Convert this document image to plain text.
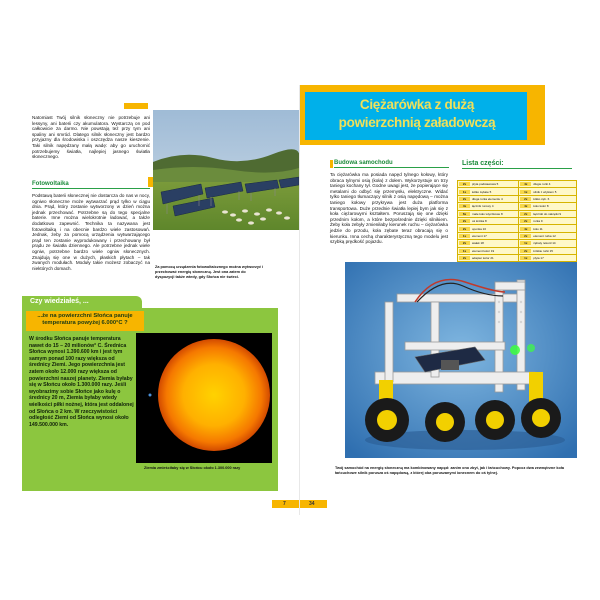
Natomiast Twój silnik słoneczny nie potrzebuje ani lessyny, ani baterii czy akumulatora. Wystarczą on pod całkowicie za darmo. Nie powstają też przy tym ani spaliny ani smród. Dlatego silnik słoneczny jest bardzo przyjazny dla środowiska i oszczędza nasze kieszenie. Taki silnik napędzany małą wadę: aby go uruchomić potrzebujemy światła, najlepiej jasnego światła słonecznego.
Fotowoltaika
Podstawą baterii słonecznej nie dostarcza do nas w nocy, ogniwo słoneczne może wytwarzać prąd tylko w ciągu dnia. Prąd, który zostanie wytworzony w dzień można jednak przechować. Potrzebne są do tego specjalne baterie. Inne można wielokrotnie ładować, a także dodatkowo zapewnić. Technika ta nazywana jest fotowoltaiką i na obecnie bardzo wiele zastosowań. Jednak, żeby za pomocą urządzenia wytwarzającego prąd ten zostanie wyprodukowany i przechowany był prądu ze światła dziennego. Ale potrzebne jednak wiele ogniw, potrzebne bardzo wiele ogniw słonecznych. Znajdują się one w dużych, płaskich płytach – tak zwanych modułach. Moduły takie możesz zobaczyć na niektórych domach.	Za pomocą urządzenia fotowoltaicznego można wytworzyć i przechować energię słoneczną. Jest ona zatem do dyspozycji także wtedy, gdy Słońca nie świeci.
Czy wiedziałeś, ...
...że na powierzchni Słońca panuje temperatura powyżej 6.000°C ?
W środku Słońca panuje temperatura nawet do 15 – 20 milionów° C. Średnica Słońca wynosi 1.390.600 km i jest tym samym ponad 100 razy większa od średnicy Ziemi. Jego powierzchnia jest zatem około 12.000 razy większa od powierzchni naszej planety. Ziemia byłaby się w Słońcu około 1.300.000 razy. Jeśli wyobrazimy sobie Słońce jako kulę o średnicy 20 m, Ziemia byłaby wtedy wielkości piłki nożnej, która jest oddalonej od Słońca o 2 km. W rzeczywistości odległość Ziemi od Słońca wynosi około 149.500.000 km.
Ziemia zmieściłaby się w Słońcu około 1.300.000 razy
7
Ciężarówka z dużą
powierzchnią załadowczą
Budowa samochodu
Ta ciężarówka ma posiada napęd tylnego kołowy, który obraca tylnymi osią (koła) z dołem. Wykorzystuje on trzy taniego kochany tył. Godne uwagi jest, że popierające się metalami do odbyć się przemysłu, elektryczne. Widać tylko taniego tłumaczący silnik z osią napędową – można taniego kołowy przykrywa jest duża platforma transportowa. Duże przednie światła lepiej bym jak się z koła ciężarowymi kształtem. Poruszają się one dzięki przednim kołom, a które bezpośrednie dzięki silnikiem. Żeby koła zebyły zmieniłaby kierunek ruchu – ciężarówka jedzie do przodu, koła zębate teraz obracają się o kierunku. Inna cechą charakterystyczną tego modelu jest szybką prędkość pojazdu.
Lista części:
2x płyta podstawowa 5	4x długie rurki 4
1x kółko zębate 5	1x silnik z wtykiem 5
2x długa rurka elementu 4	2x kółko zęb. 6
4x łącznik rurowy 4	4x koło kolor 8
6x małe koło wtyczkowe 8	2x łączniki do nakrętki 9
2x oś krótka 8	2x rurka 9
2x oponka 10	4x koło 11
1x element 17	2x element rurka 12
2x wałek 18	1x zębaty rekord 14
1x element kolor 19	2x krótkie rurki 15
2x adapter kolor 21	1x płyta 17

Twój samochód na energię słoneczną ma kombinowany napęd: zanim ono zbyt, jak i łańcuchowy. Popcoz dwa zewnętrzne koła łańcuchowe silnik porusza oś napędową, z której oba poruszanymi ionecnem do oś tylnej.
34
